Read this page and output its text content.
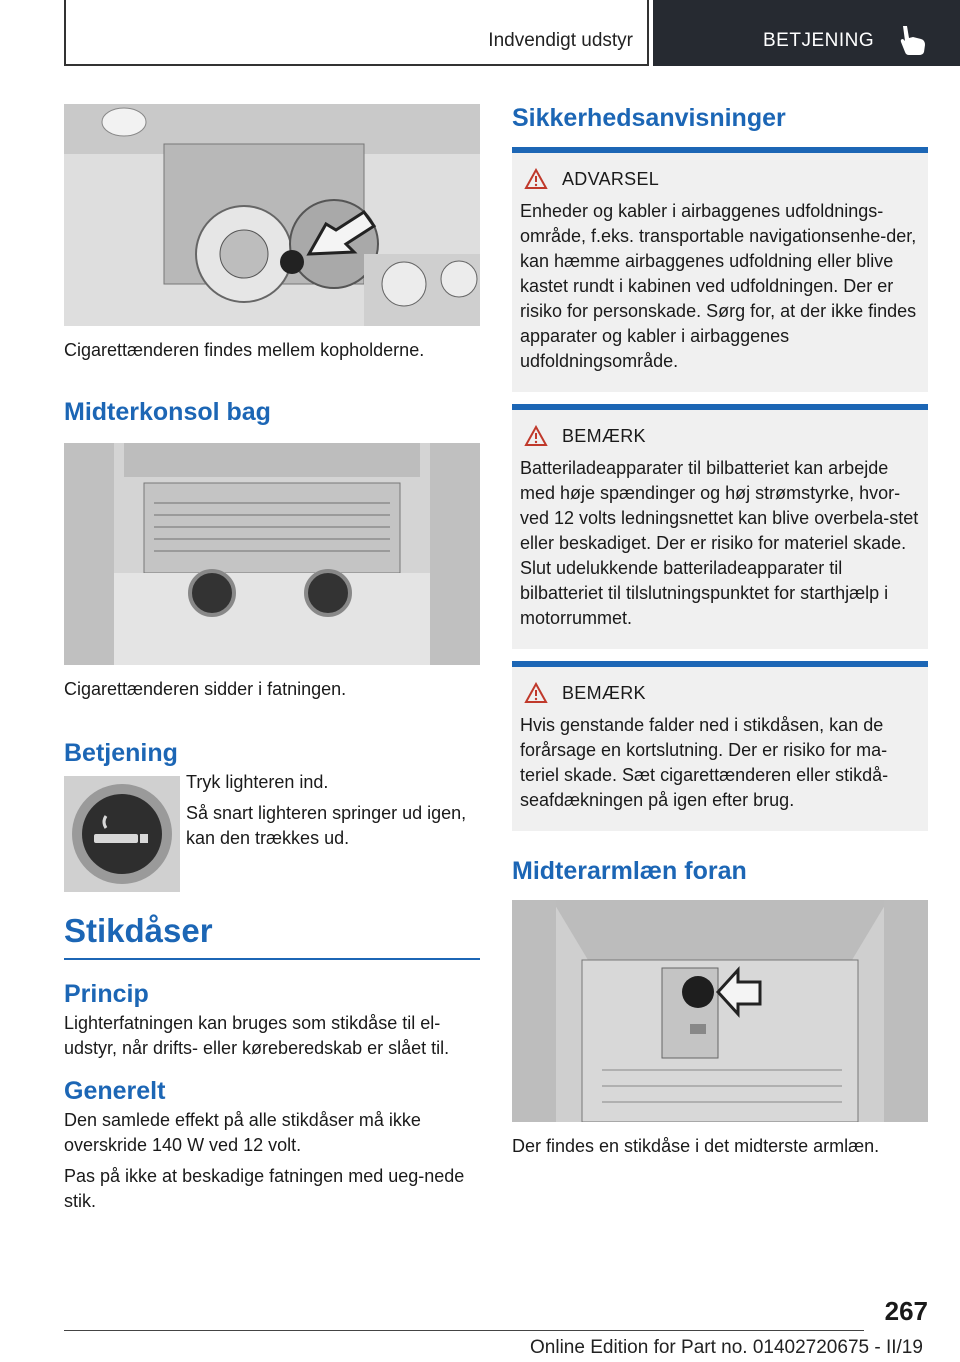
Indvendigt udstyr	BETJENING
Cigarettænderen findes mellem kopholderne.
Midterkonsol bag
Cigarettænderen sidder i fatningen.
Betjening

Tryk lighteren ind.

Så snart lighteren springer ud igen, kan den trækkes ud.

Stikdåser
Princip
Lighterfatningen kan bruges som stikdåse til el-udstyr, når drifts- eller køreberedskab er slået til.
Generelt
Den samlede effekt på alle stikdåser må ikke overskride 140 W ved 12 volt.
Pas på ikke at beskadige fatningen med ueg-nede stik.
Sikkerhedsanvisninger
ADVARSEL
Enheder og kabler i airbaggenes udfoldnings-område, f.eks. transportable navigationsenhe-der, kan hæmme airbaggenes udfoldning eller blive kastet rundt i kabinen ved udfoldningen. Der er risiko for personskade. Sørg for, at der ikke findes apparater og kabler i airbaggenes udfoldningsområde.
BEMÆRK
Batteriladeapparater til bilbatteriet kan arbejde med høje spændinger og høj strømstyrke, hvor-ved 12 volts ledningsnettet kan blive overbela-stet eller beskadiget. Der er risiko for materiel skade. Slut udelukkende batteriladeapparater til bilbatteriet til tilslutningspunktet for starthjælp i motorrummet.
BEMÆRK
Hvis genstande falder ned i stikdåsen, kan de forårsage en kortslutning. Der er risiko for ma-teriel skade. Sæt cigarettænderen eller stikdå-seafdækningen på igen efter brug.
Midterarmlæn foran
Der findes en stikdåse i det midterste armlæn.
267
Online Edition for Part no. 01402720675 - II/19
